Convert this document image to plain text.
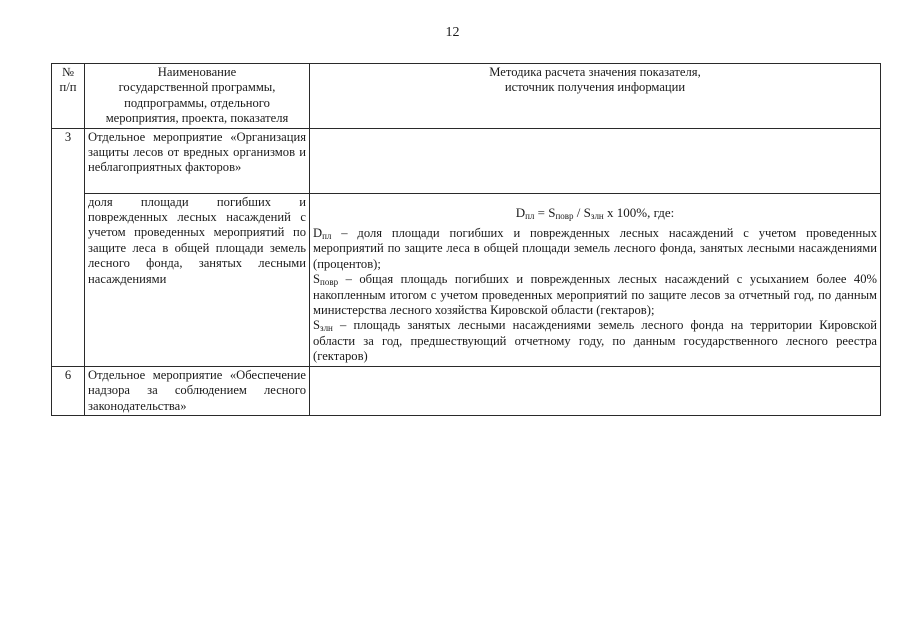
12
№
п/п	Наименование
государственной программы,
подпрограммы, отдельного
мероприятия, проекта, показателя	Методика расчета значения показателя,
источник получения информации

3	Отдельное мероприятие «Организация защиты лесов от вредных организмов и неблагоприятных факторов»	
	доля площади погибших и поврежденных лесных насаждений с учетом проведенных мероприятий по защите леса в общей площади земель лесного фонда, занятых лесными насаждениями	$D_{пл} = S_{повр} / S_{злн}$ x 100%, где:
$D_{пл}$ – доля площади погибших и поврежденных лесных насаждений с учетом проведенных мероприятий по защите леса в общей площади земель лесного фонда, занятых лесными насаждениями (процентов);
$S_{повр}$ – общая площадь погибших и поврежденных лесных насаждений с усыханием более 40% накопленным итогом с учетом проведенных мероприятий по защите лесов за отчетный год, по данным министерства лесного хозяйства Кировской области (гектаров);
$S_{злн}$ – площадь занятых лесными насаждениями земель лесного фонда на территории Кировской области за год, предшествующий отчетному году, по данным государственного лесного реестра (гектаров)

6	Отдельное мероприятие «Обеспечение надзора за соблюдением лесного законодательства»	
